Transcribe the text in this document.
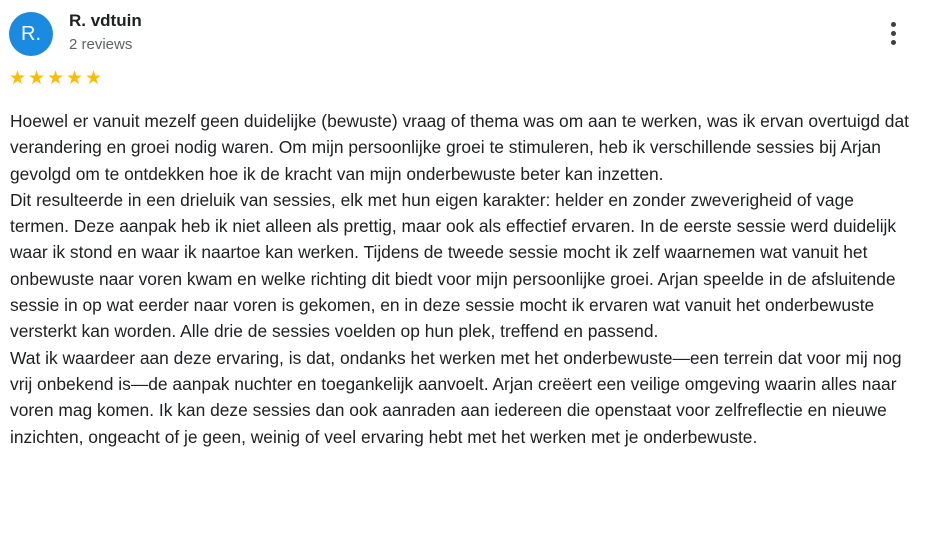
R.
R. vdtuin
2 reviews
★ ★ ★ ★ ★

Hoewel er vanuit mezelf geen duidelijke (bewuste) vraag of thema was om aan te werken, was ik ervan overtuigd dat verandering en groei nodig waren. Om mijn persoonlijke groei te stimuleren, heb ik verschillende sessies bij Arjan gevolgd om te ontdekken hoe ik de kracht van mijn onderbewuste beter kan inzetten.

Dit resulteerde in een drieluik van sessies, elk met hun eigen karakter: helder en zonder zweverigheid of vage termen. Deze aanpak heb ik niet alleen als prettig, maar ook als effectief ervaren. In de eerste sessie werd duidelijk waar ik stond en waar ik naartoe kan werken. Tijdens de tweede sessie mocht ik zelf waarnemen wat vanuit het onbewuste naar voren kwam en welke richting dit biedt voor mijn persoonlijke groei. Arjan speelde in de afsluitende sessie in op wat eerder naar voren is gekomen, en in deze sessie mocht ik ervaren wat vanuit het onderbewuste versterkt kan worden. Alle drie de sessies voelden op hun plek, treffend en passend.

Wat ik waardeer aan deze ervaring, is dat, ondanks het werken met het onderbewuste—een terrein dat voor mij nog vrij onbekend is—de aanpak nuchter en toegankelijk aanvoelt. Arjan creëert een veilige omgeving waarin alles naar voren mag komen. Ik kan deze sessies dan ook aanraden aan iedereen die openstaat voor zelfreflectie en nieuwe inzichten, ongeacht of je geen, weinig of veel ervaring hebt met het werken met je onderbewuste.
